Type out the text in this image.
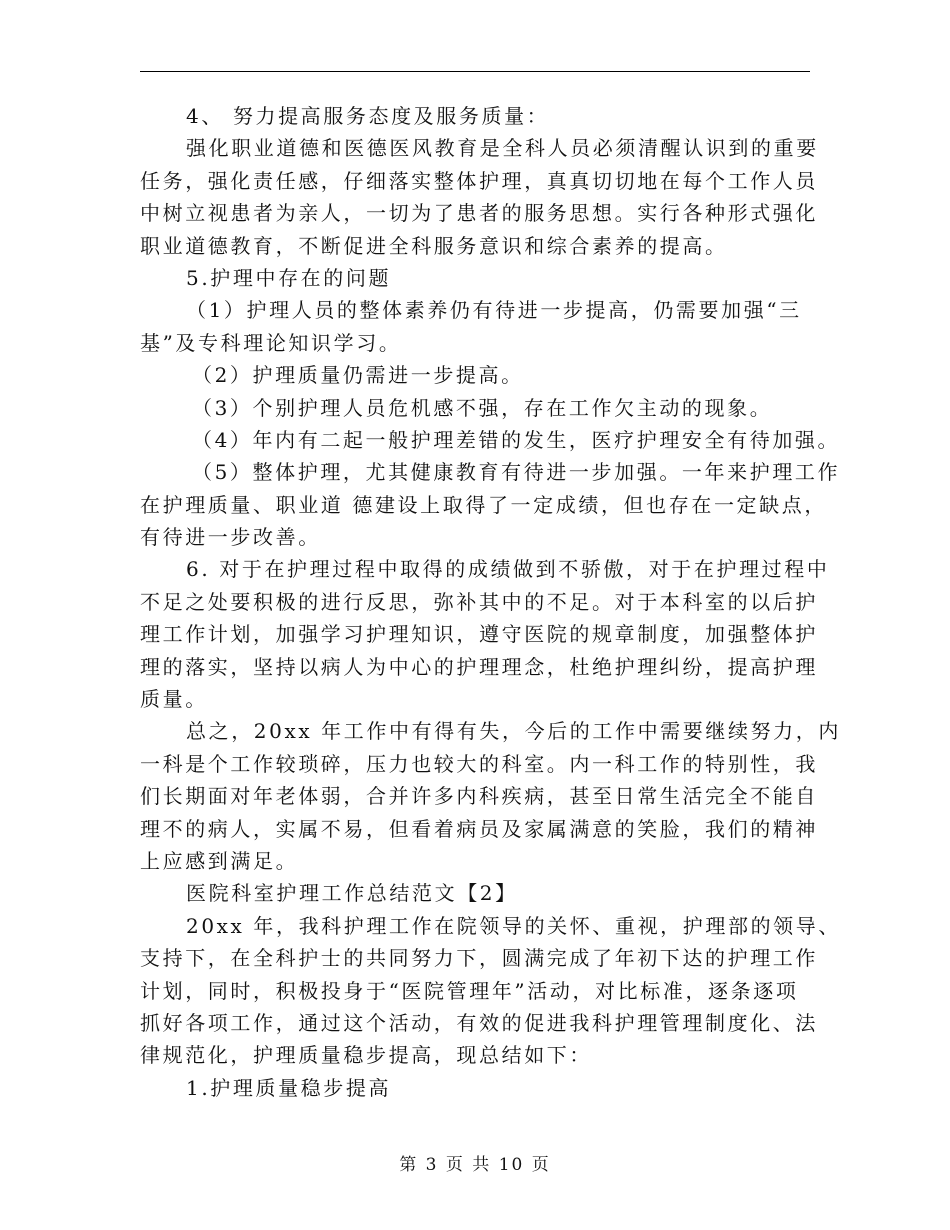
4、 努力提高服务态度及服务质量：
强化职业道德和医德医风教育是全科人员必须清醒认识到的重要
任务，强化责任感，仔细落实整体护理，真真切切地在每个工作人员
中树立视患者为亲人，一切为了患者的服务思想。实行各种形式强化
职业道德教育，不断促进全科服务意识和综合素养的提高。
5.护理中存在的问题
（1）护理人员的整体素养仍有待进一步提高，仍需要加强“三
基”及专科理论知识学习。
（2）护理质量仍需进一步提高。
（3）个别护理人员危机感不强，存在工作欠主动的现象。
（4）年内有二起一般护理差错的发生，医疗护理安全有待加强。
（5）整体护理，尤其健康教育有待进一步加强。一年来护理工作
在护理质量、职业道 德建设上取得了一定成绩，但也存在一定缺点，
有待进一步改善。
6. 对于在护理过程中取得的成绩做到不骄傲，对于在护理过程中
不足之处要积极的进行反思，弥补其中的不足。对于本科室的以后护
理工作计划，加强学习护理知识，遵守医院的规章制度，加强整体护
理的落实，坚持以病人为中心的护理理念，杜绝护理纠纷，提高护理
质量。
总之，20xx 年工作中有得有失，今后的工作中需要继续努力，内
一科是个工作较琐碎，压力也较大的科室。内一科工作的特别性，我
们长期面对年老体弱，合并许多内科疾病，甚至日常生活完全不能自
理不的病人，实属不易，但看着病员及家属满意的笑脸，我们的精神
上应感到满足。
医院科室护理工作总结范文【2】
20xx 年，我科护理工作在院领导的关怀、重视，护理部的领导、
支持下，在全科护士的共同努力下，圆满完成了年初下达的护理工作
计划，同时，积极投身于“医院管理年”活动，对比标准，逐条逐项
抓好各项工作，通过这个活动，有效的促进我科护理管理制度化、法
律规范化，护理质量稳步提高，现总结如下：
1.护理质量稳步提高
第 3 页 共 10 页
